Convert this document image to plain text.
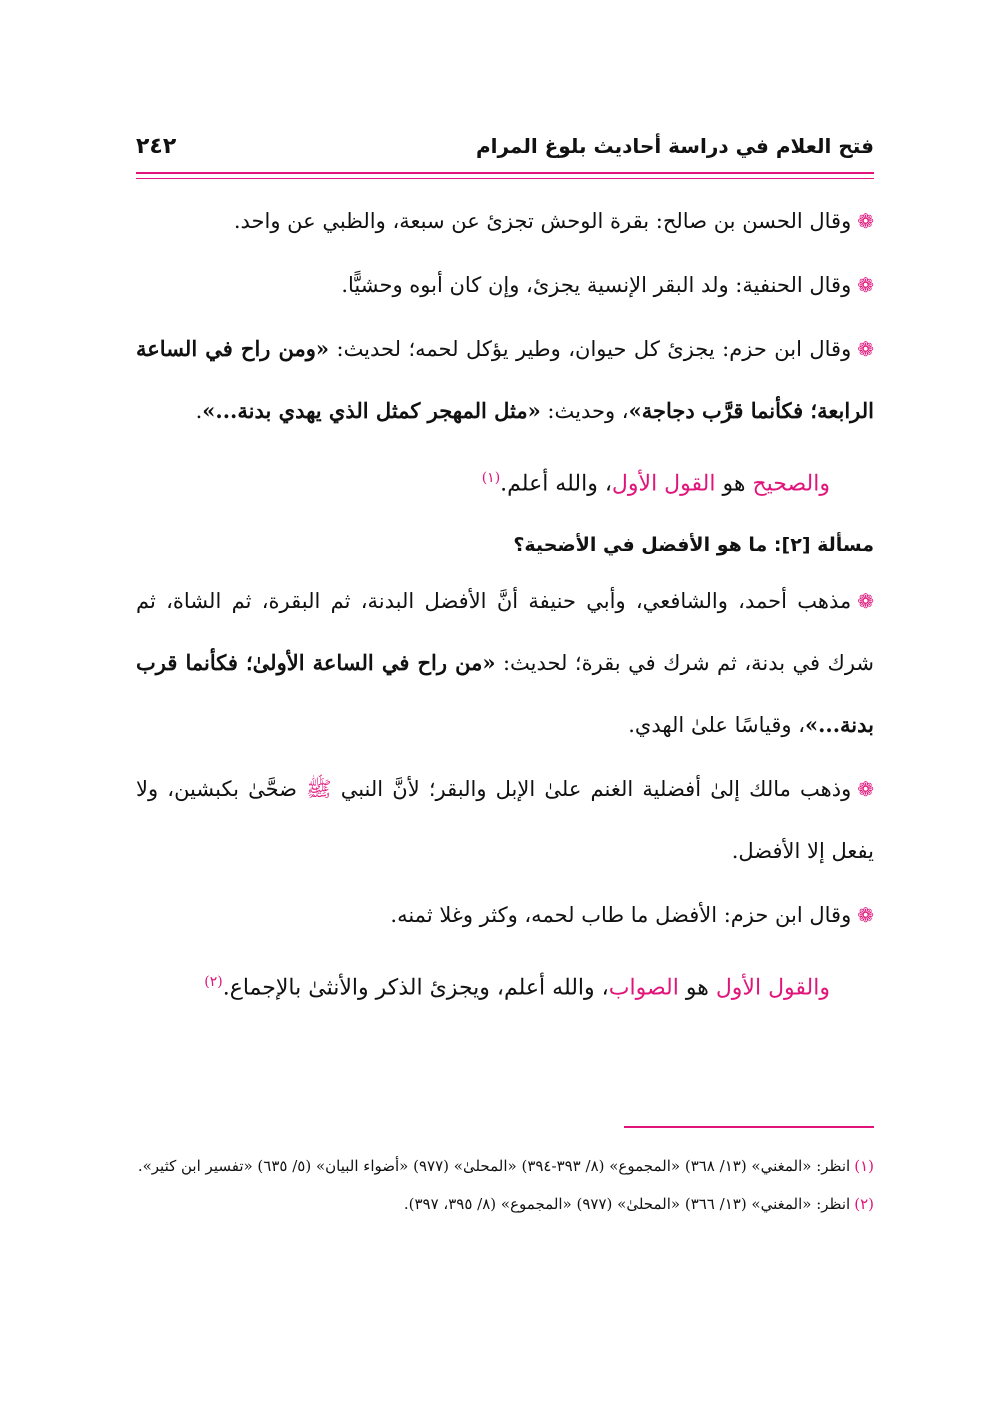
فتح العلام في دراسة أحاديث بلوغ المرام
٢٤٢

❁وقال الحسن بن صالح: بقرة الوحش تجزئ عن سبعة، والظبي عن واحد.

❁وقال الحنفية: ولد البقر الإنسية يجزئ، وإن كان أبوه وحشيًّا.

❁وقال ابن حزم: يجزئ كل حيوان، وطير يؤكل لحمه؛ لحديث: «ومن راح في الساعة الرابعة؛ فكأنما قرَّب دجاجة»، وحديث: «مثل المهجر كمثل الذي يهدي بدنة...».

والصحيح هو القول الأول، والله أعلم.$^{(١)}$

مسألة [٢]: ما هو الأفضل في الأضحية؟

❁مذهب أحمد، والشافعي، وأبي حنيفة أنَّ الأفضل البدنة، ثم البقرة، ثم الشاة، ثم شرك في بدنة، ثم شرك في بقرة؛ لحديث: «من راح في الساعة الأولىٰ؛ فكأنما قرب بدنة...»، وقياسًا علىٰ الهدي.

❁وذهب مالك إلىٰ أفضلية الغنم علىٰ الإبل والبقر؛ لأنَّ النبي ﷺ ضحَّىٰ بكبشين، ولا يفعل إلا الأفضل.

❁وقال ابن حزم: الأفضل ما طاب لحمه، وكثر وغلا ثمنه.

والقول الأول هو الصواب، والله أعلم، ويجزئ الذكر والأنثىٰ بالإجماع.$^{(٢)}$

(١)انظر: «المغني» (١٣/ ٣٦٨) «المجموع» (٨/ ٣٩٣-٣٩٤) «المحلىٰ» (٩٧٧) «أضواء البيان» (٥/ ٦٣٥) «تفسير ابن كثير».

(٢)انظر: «المغني» (١٣/ ٣٦٦) «المحلىٰ» (٩٧٧) «المجموع» (٨/ ٣٩٥، ٣٩٧).
